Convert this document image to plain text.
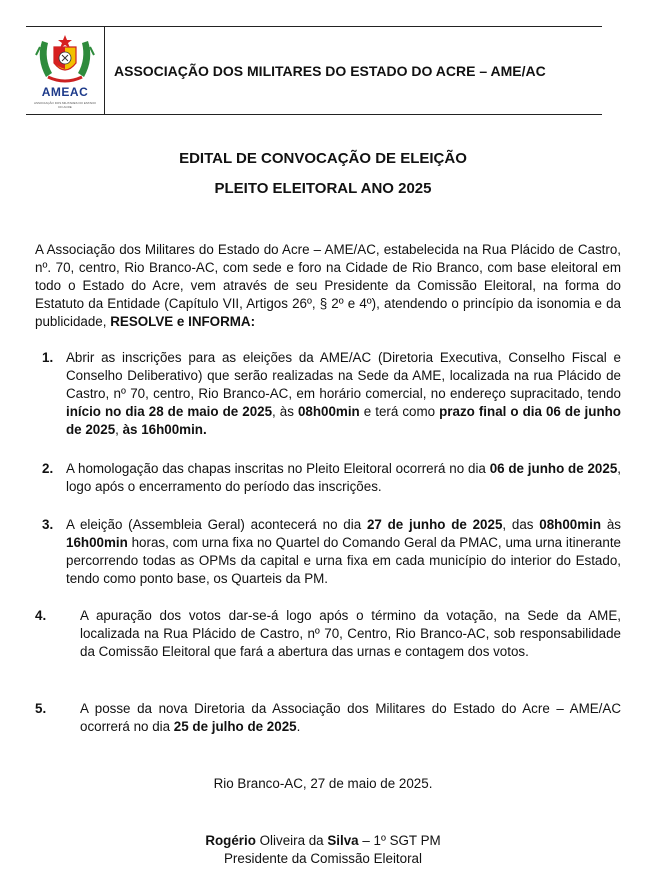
AMEAC
ASSOCIAÇÃO DOS MILITARES DO ESTADO DO ACRE
ASSOCIAÇÃO DOS MILITARES DO ESTADO DO ACRE – AME/AC
EDITAL DE CONVOCAÇÃO DE ELEIÇÃO
PLEITO ELEITORAL ANO 2025
A Associação dos Militares do Estado do Acre – AME/AC, estabelecida na Rua Plácido de Castro, nº. 70, centro, Rio Branco-AC, com sede e foro na Cidade de Rio Branco, com base eleitoral em todo o Estado do Acre, vem através de seu Presidente da Comissão Eleitoral, na forma do Estatuto da Entidade (Capítulo VII, Artigos 26º, § 2º e 4º), atendendo o princípio da isonomia e da publicidade, RESOLVE e INFORMA:
1. Abrir as inscrições para as eleições da AME/AC (Diretoria Executiva, Conselho Fiscal e Conselho Deliberativo) que serão realizadas na Sede da AME, localizada na rua Plácido de Castro, nº 70, centro, Rio Branco-AC, em horário comercial, no endereço supracitado, tendo início no dia 28 de maio de 2025, às 08h00min e terá como prazo final o dia 06 de junho de 2025, às 16h00min.
2. A homologação das chapas inscritas no Pleito Eleitoral ocorrerá no dia 06 de junho de 2025, logo após o encerramento do período das inscrições.
3. A eleição (Assembleia Geral) acontecerá no dia 27 de junho de 2025, das 08h00min às 16h00min horas, com urna fixa no Quartel do Comando Geral da PMAC, uma urna itinerante percorrendo todas as OPMs da capital e urna fixa em cada município do interior do Estado, tendo como ponto base, os Quarteis da PM.
4.	A apuração dos votos dar-se-á logo após o término da votação, na Sede da AME, localizada na Rua Plácido de Castro, nº 70, Centro, Rio Branco-AC, sob responsabilidade da Comissão Eleitoral que fará a abertura das urnas e contagem dos votos.
5.	A posse da nova Diretoria da Associação dos Militares do Estado do Acre – AME/AC ocorrerá no dia 25 de julho de 2025.
Rio Branco-AC, 27 de maio de 2025.
Rogério Oliveira da Silva – 1º SGT PM
Presidente da Comissão Eleitoral
